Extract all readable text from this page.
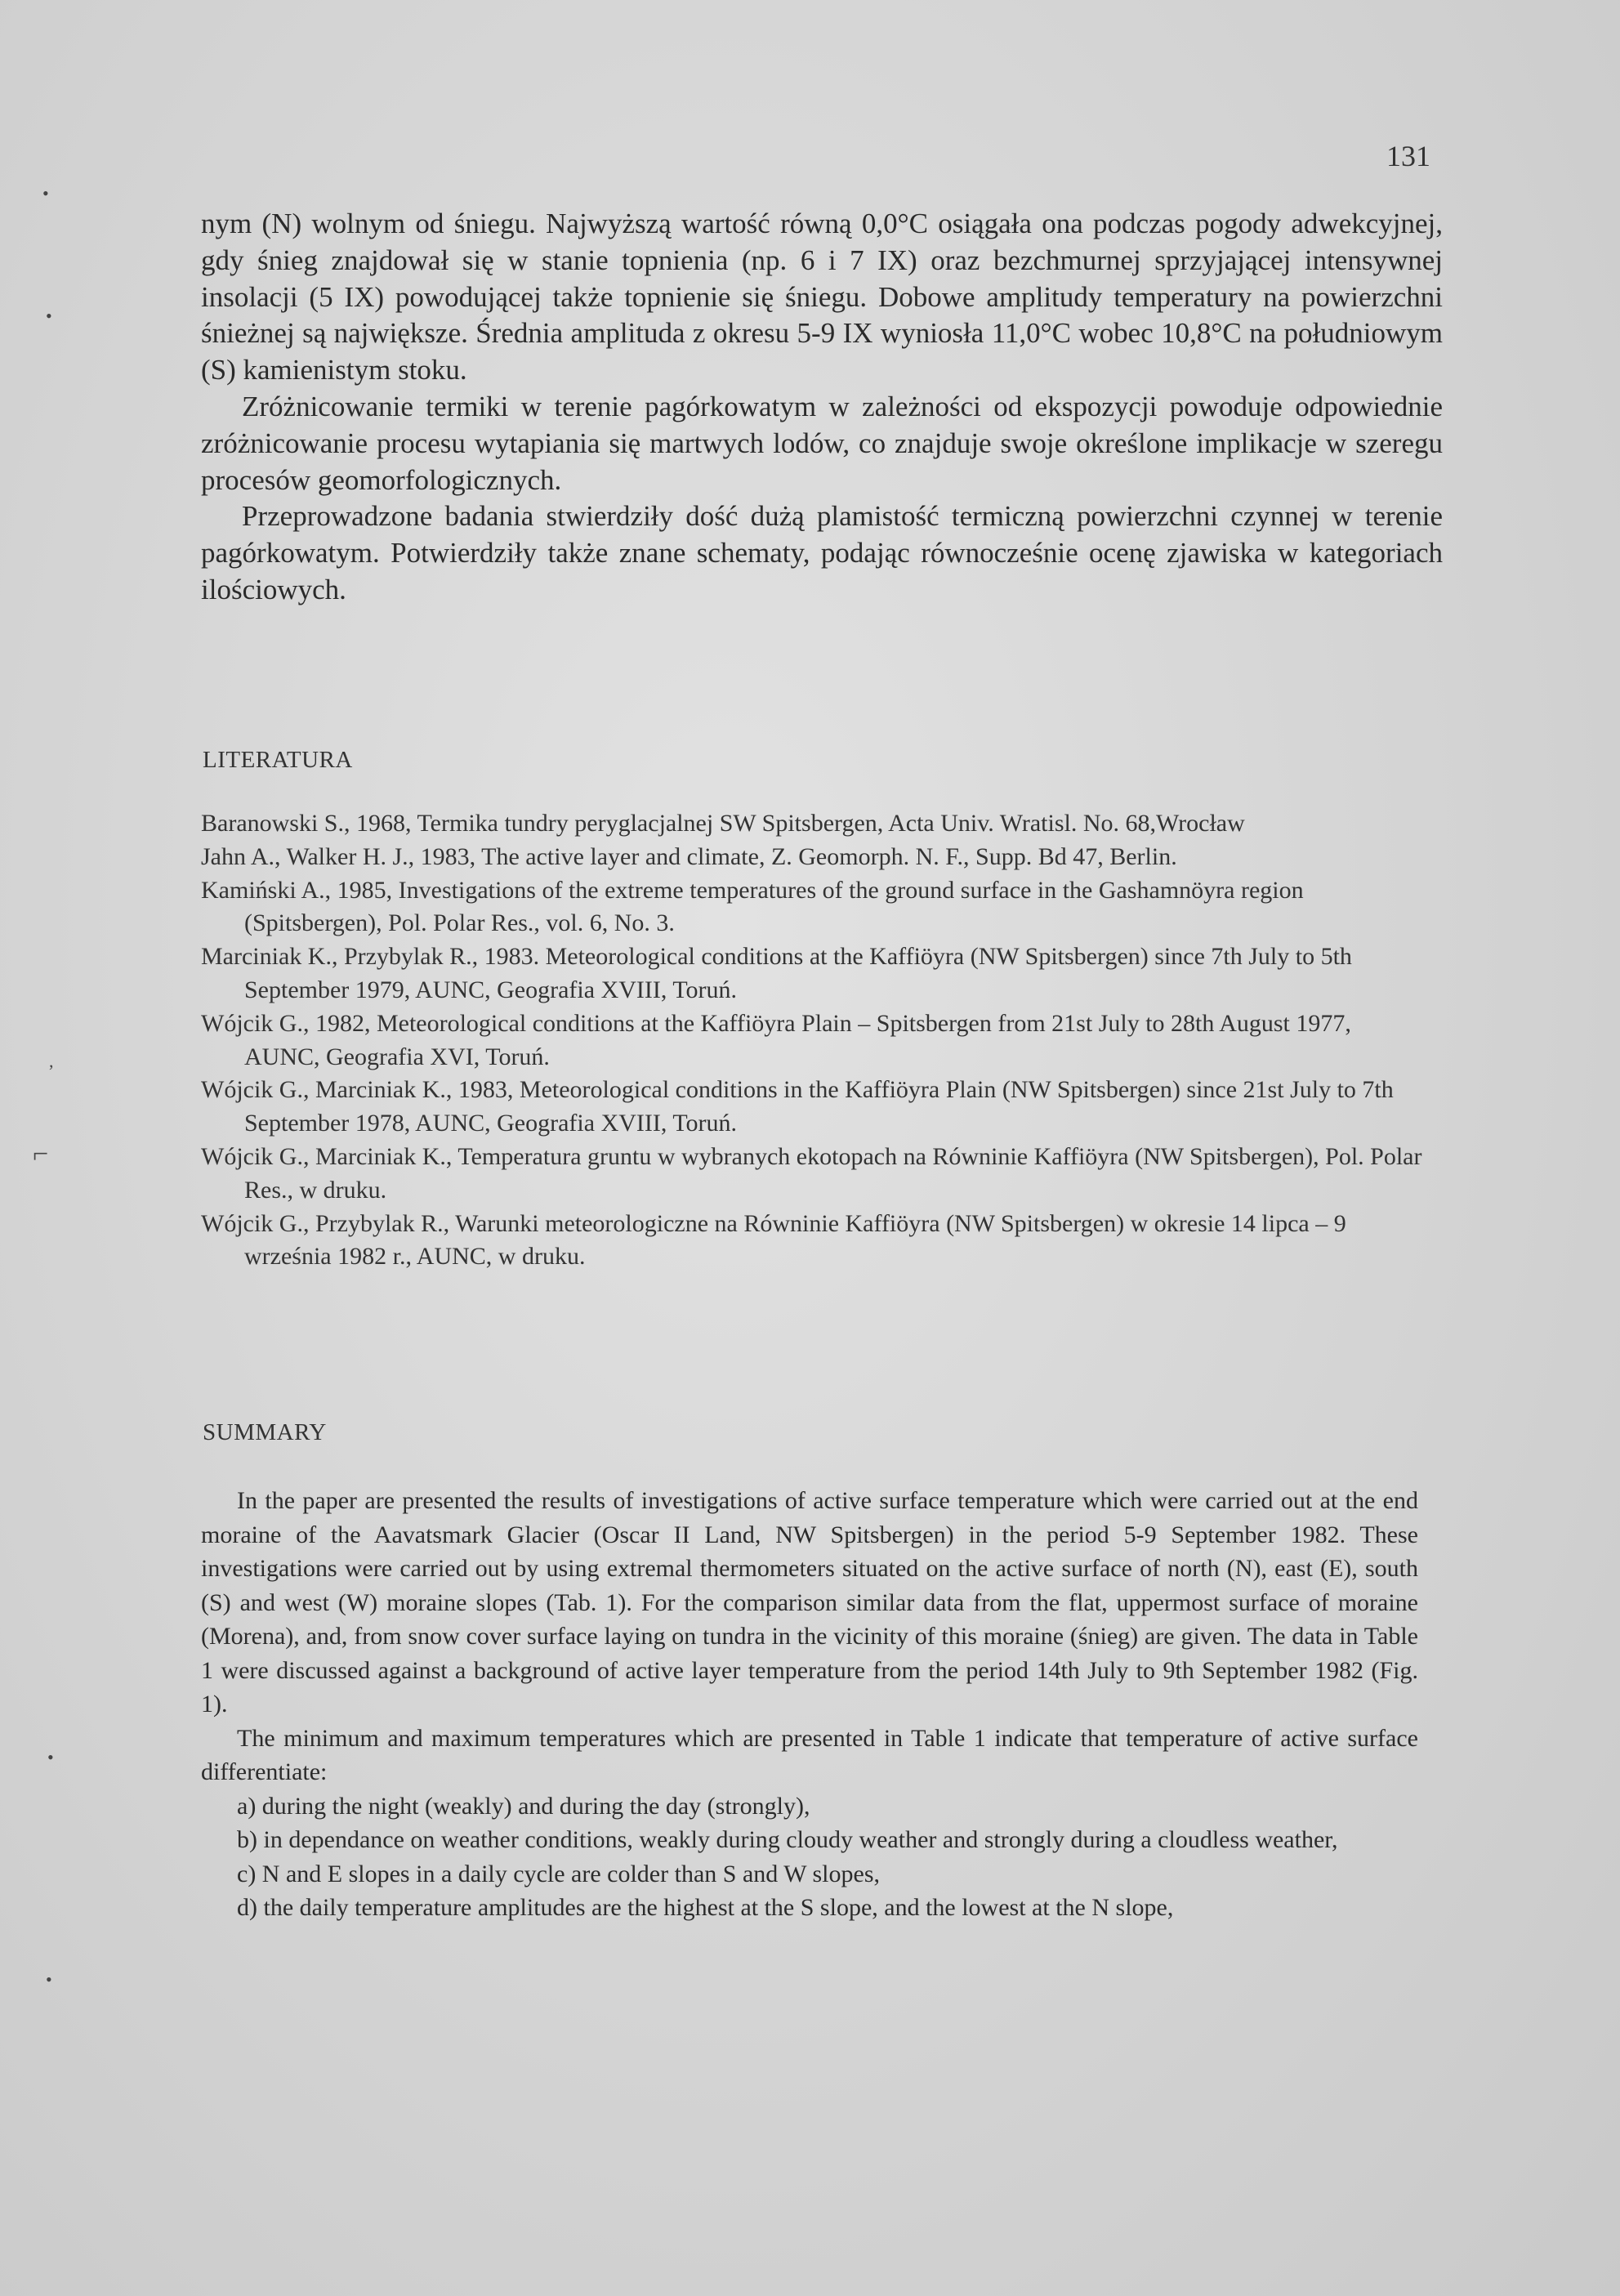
131

nym (N) wolnym od śniegu. Najwyższą wartość równą 0,0°C osiągała ona podczas pogody adwekcyjnej, gdy śnieg znajdował się w stanie topnienia (np. 6 i 7 IX) oraz bezchmurnej sprzyjającej intensywnej insolacji (5 IX) powodującej także topnienie się śniegu. Dobowe amplitudy temperatury na powierzchni śnieżnej są największe. Średnia amplituda z okresu 5-9 IX wyniosła 11,0°C wobec 10,8°C na południowym (S) kamienistym stoku.

Zróżnicowanie termiki w terenie pagórkowatym w zależności od ekspozycji powoduje odpowiednie zróżnicowanie procesu wytapiania się martwych lodów, co znajduje swoje określone implikacje w szeregu procesów geomorfologicznych.

Przeprowadzone badania stwierdziły dość dużą plamistość termiczną powierzchni czynnej w terenie pagórkowatym. Potwierdziły także znane schematy, podając równocześnie ocenę zjawiska w kategoriach ilościowych.

LITERATURA
Baranowski S., 1968, Termika tundry peryglacjalnej SW Spitsbergen, Acta Univ. Wratisl. No. 68,Wrocław
Jahn A., Walker H. J., 1983, The active layer and climate, Z. Geomorph. N. F., Supp. Bd 47, Berlin.
Kamiński A., 1985, Investigations of the extreme temperatures of the ground surface in the Gashamnöyra region (Spitsbergen), Pol. Polar Res., vol. 6, No. 3.
Marciniak K., Przybylak R., 1983. Meteorological conditions at the Kaffiöyra (NW Spitsbergen) since 7th July to 5th September 1979, AUNC, Geografia XVIII, Toruń.
Wójcik G., 1982, Meteorological conditions at the Kaffiöyra Plain – Spitsbergen from 21st July to 28th August 1977, AUNC, Geografia XVI, Toruń.
Wójcik G., Marciniak K., 1983, Meteorological conditions in the Kaffiöyra Plain (NW Spitsbergen) since 21st July to 7th September 1978, AUNC, Geografia XVIII, Toruń.
Wójcik G., Marciniak K., Temperatura gruntu w wybranych ekotopach na Równinie Kaffiöyra (NW Spitsbergen), Pol. Polar Res., w druku.
Wójcik G., Przybylak R., Warunki meteorologiczne na Równinie Kaffiöyra (NW Spitsbergen) w okresie 14 lipca – 9 września 1982 r., AUNC, w druku.
SUMMARY

In the paper are presented the results of investigations of active surface temperature which were carried out at the end moraine of the Aavatsmark Glacier (Oscar II Land, NW Spitsbergen) in the period 5-9 September 1982. These investigations were carried out by using extremal thermometers situated on the active surface of north (N), east (E), south (S) and west (W) moraine slopes (Tab. 1). For the comparison similar data from the flat, uppermost surface of moraine (Morena), and, from snow cover surface laying on tundra in the vicinity of this moraine (śnieg) are given. The data in Table 1 were discussed against a background of active layer temperature from the period 14th July to 9th September 1982 (Fig. 1).

The minimum and maximum temperatures which are presented in Table 1 indicate that temperature of active surface differentiate:

a) during the night (weakly) and during the day (strongly),

b) in dependance on weather conditions, weakly during cloudy weather and strongly during a cloudless weather,

c) N and E slopes in a daily cycle are colder than S and W slopes,

d) the daily temperature amplitudes are the highest at the S slope, and the lowest at the N slope,

•
•
,
⌐
•
•
